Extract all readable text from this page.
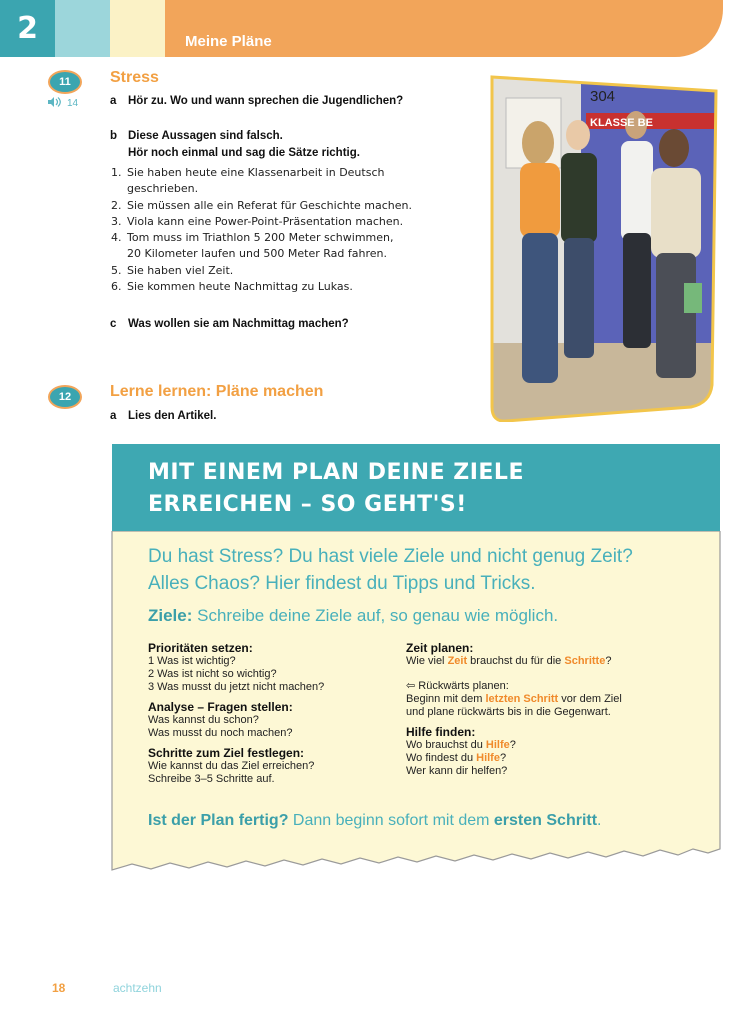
2	Meine Pläne
11	Stress
14	a Hör zu. Wo und wann sprechen die Jugendlichen?
b Diese Aussagen sind falsch.
Hör noch einmal und sag die Sätze richtig.
1. Sie haben heute eine Klassenarbeit in Deutsch
geschrieben.
2. Sie müssen alle ein Referat für Geschichte machen.
3. Viola kann eine Power-Point-Präsentation machen.
4. Tom muss im Triathlon 5 200 Meter schwimmen,
20 Kilometer laufen und 500 Meter Rad fahren.
5. Sie haben viel Zeit.
6. Sie kommen heute Nachmittag zu Lukas.
c Was wollen sie am Nachmittag machen?
304
KLASSE BE
12	Lerne lernen: Pläne machen
a Lies den Artikel.
MIT EINEM PLAN DEINE ZIELE
ERREICHEN – SO GEHT'S!
Du hast Stress? Du hast viele Ziele und nicht genug Zeit?
Alles Chaos? Hier findest du Tipps und Tricks.
Ziele: Schreibe deine Ziele auf, so genau wie möglich.
Prioritäten setzen:
1 Was ist wichtig?
2 Was ist nicht so wichtig?
3 Was musst du jetzt nicht machen?
Analyse – Fragen stellen:
Was kannst du schon?
Was musst du noch machen?
Schritte zum Ziel festlegen:
Wie kannst du das Ziel erreichen?
Schreibe 3–5 Schritte auf.
Zeit planen:
Wie viel Zeit brauchst du für die Schritte?
⇦ Rückwärts planen:
Beginn mit dem letzten Schritt vor dem Ziel
und plane rückwärts bis in die Gegenwart.
Hilfe finden:
Wo brauchst du Hilfe?
Wo findest du Hilfe?
Wer kann dir helfen?
Ist der Plan fertig? Dann beginn sofort mit dem ersten Schritt.
18	achtzehn
